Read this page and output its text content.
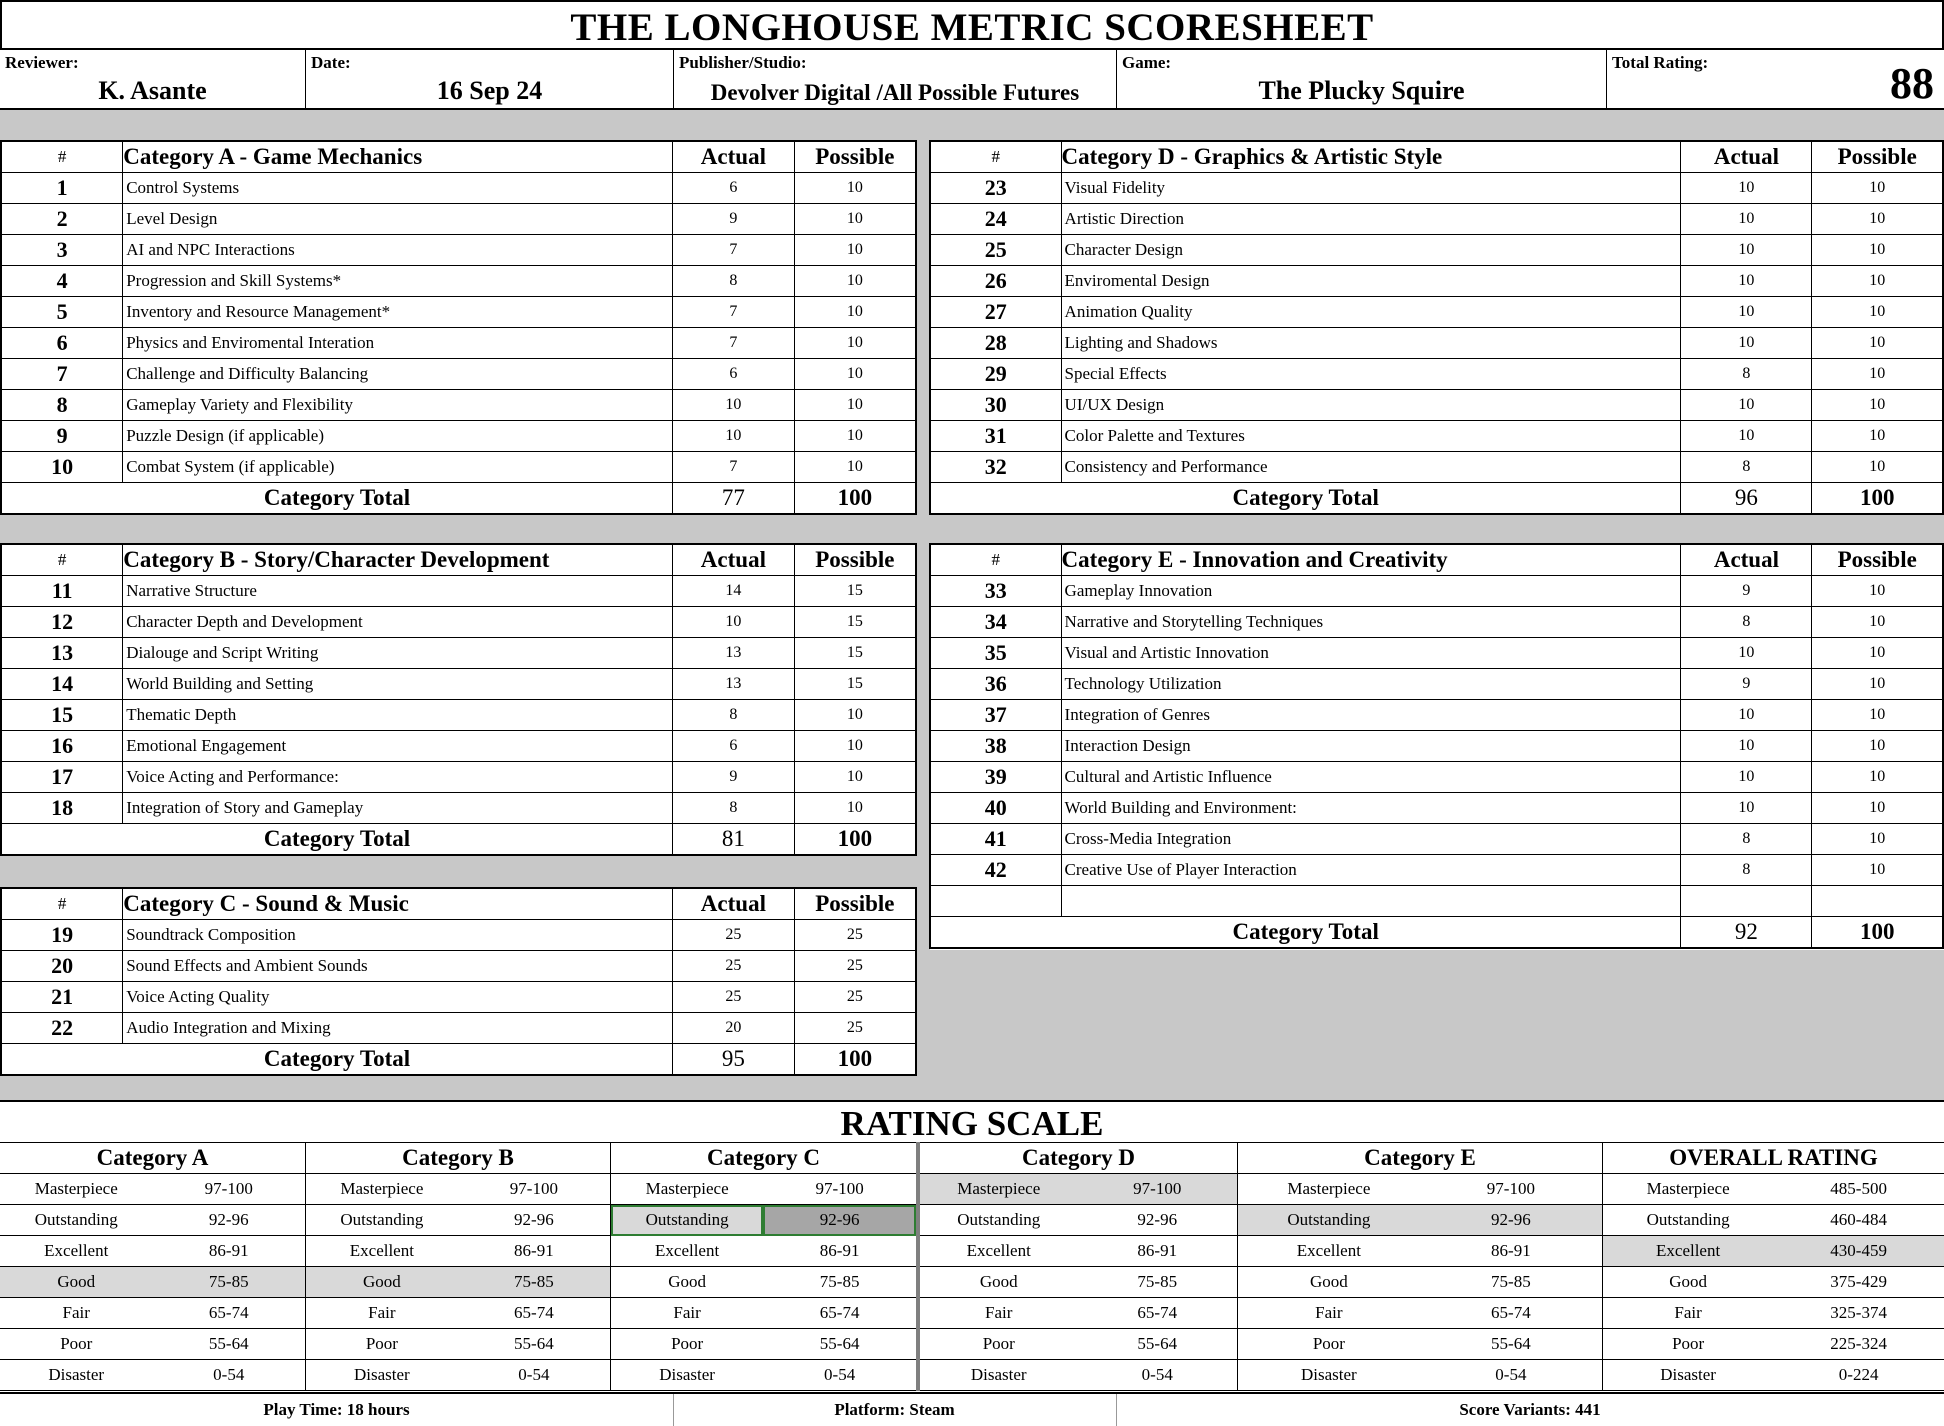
THE LONGHOUSE METRIC SCORESHEET
Reviewer:
K. Asante
Date:
16 Sep 24
Publisher/Studio:
Devolver Digital /All Possible Futures
Game:
The Plucky Squire
Total Rating:	88
#	Category A - Game Mechanics	Actual	Possible
1	Control Systems	6	10
2	Level Design	9	10
3	AI and NPC Interactions	7	10
4	Progression and Skill Systems*	8	10
5	Inventory and Resource Management*	7	10
6	Physics and Enviromental Interation	7	10
7	Challenge and Difficulty Balancing	6	10
8	Gameplay Variety and Flexibility	10	10
9	Puzzle Design (if applicable)	10	10
10	Combat System (if applicable)	7	10
Category Total		77	100
#	Category B - Story/Character Development	Actual	Possible
11	Narrative Structure	14	15
12	Character Depth and Development	10	15
13	Dialouge and Script Writing	13	15
14	World Building and Setting	13	15
15	Thematic Depth	8	10
16	Emotional Engagement	6	10
17	Voice Acting and Performance:	9	10
18	Integration of Story and Gameplay	8	10
Category Total		81	100
#	Category C - Sound & Music	Actual	Possible
19	Soundtrack Composition	25	25
20	Sound Effects and Ambient Sounds	25	25
21	Voice Acting Quality	25	25
22	Audio Integration and Mixing	20	25
Category Total		95	100
#	Category D - Graphics & Artistic Style	Actual	Possible
23	Visual Fidelity	10	10
24	Artistic Direction	10	10
25	Character Design	10	10
26	Enviromental Design	10	10
27	Animation Quality	10	10
28	Lighting and Shadows	10	10
29	Special Effects	8	10
30	UI/UX Design	10	10
31	Color Palette and Textures	10	10
32	Consistency and Performance	8	10
Category Total		96	100
#	Category E - Innovation and Creativity	Actual	Possible
33	Gameplay Innovation	9	10
34	Narrative and Storytelling Techniques	8	10
35	Visual and Artistic Innovation	10	10
36	Technology Utilization	9	10
37	Integration of Genres	10	10
38	Interaction Design	10	10
39	Cultural and Artistic Influence	10	10
40	World Building and Environment:	10	10
41	Cross-Media Integration	8	10
42	Creative Use of Player Interaction	8	10

Category Total		92	100
RATING SCALE
Category A	
Masterpiece	97-100
Outstanding	92-96
Excellent	86-91
Good	75-85
Fair	65-74
Poor	55-64
Disaster	0-54
Category B	
Masterpiece	97-100
Outstanding	92-96
Excellent	86-91
Good	75-85
Fair	65-74
Poor	55-64
Disaster	0-54
Category C	
Masterpiece	97-100
Outstanding	92-96
Excellent	86-91
Good	75-85
Fair	65-74
Poor	55-64
Disaster	0-54
Category D	
Masterpiece	97-100
Outstanding	92-96
Excellent	86-91
Good	75-85
Fair	65-74
Poor	55-64
Disaster	0-54
Category E	
Masterpiece	97-100
Outstanding	92-96
Excellent	86-91
Good	75-85
Fair	65-74
Poor	55-64
Disaster	0-54
OVERALL RATING	
Masterpiece	485-500
Outstanding	460-484
Excellent	430-459
Good	375-429
Fair	325-374
Poor	225-324
Disaster	0-224
Play Time: 18 hours	Platform: Steam	Score Variants: 441
